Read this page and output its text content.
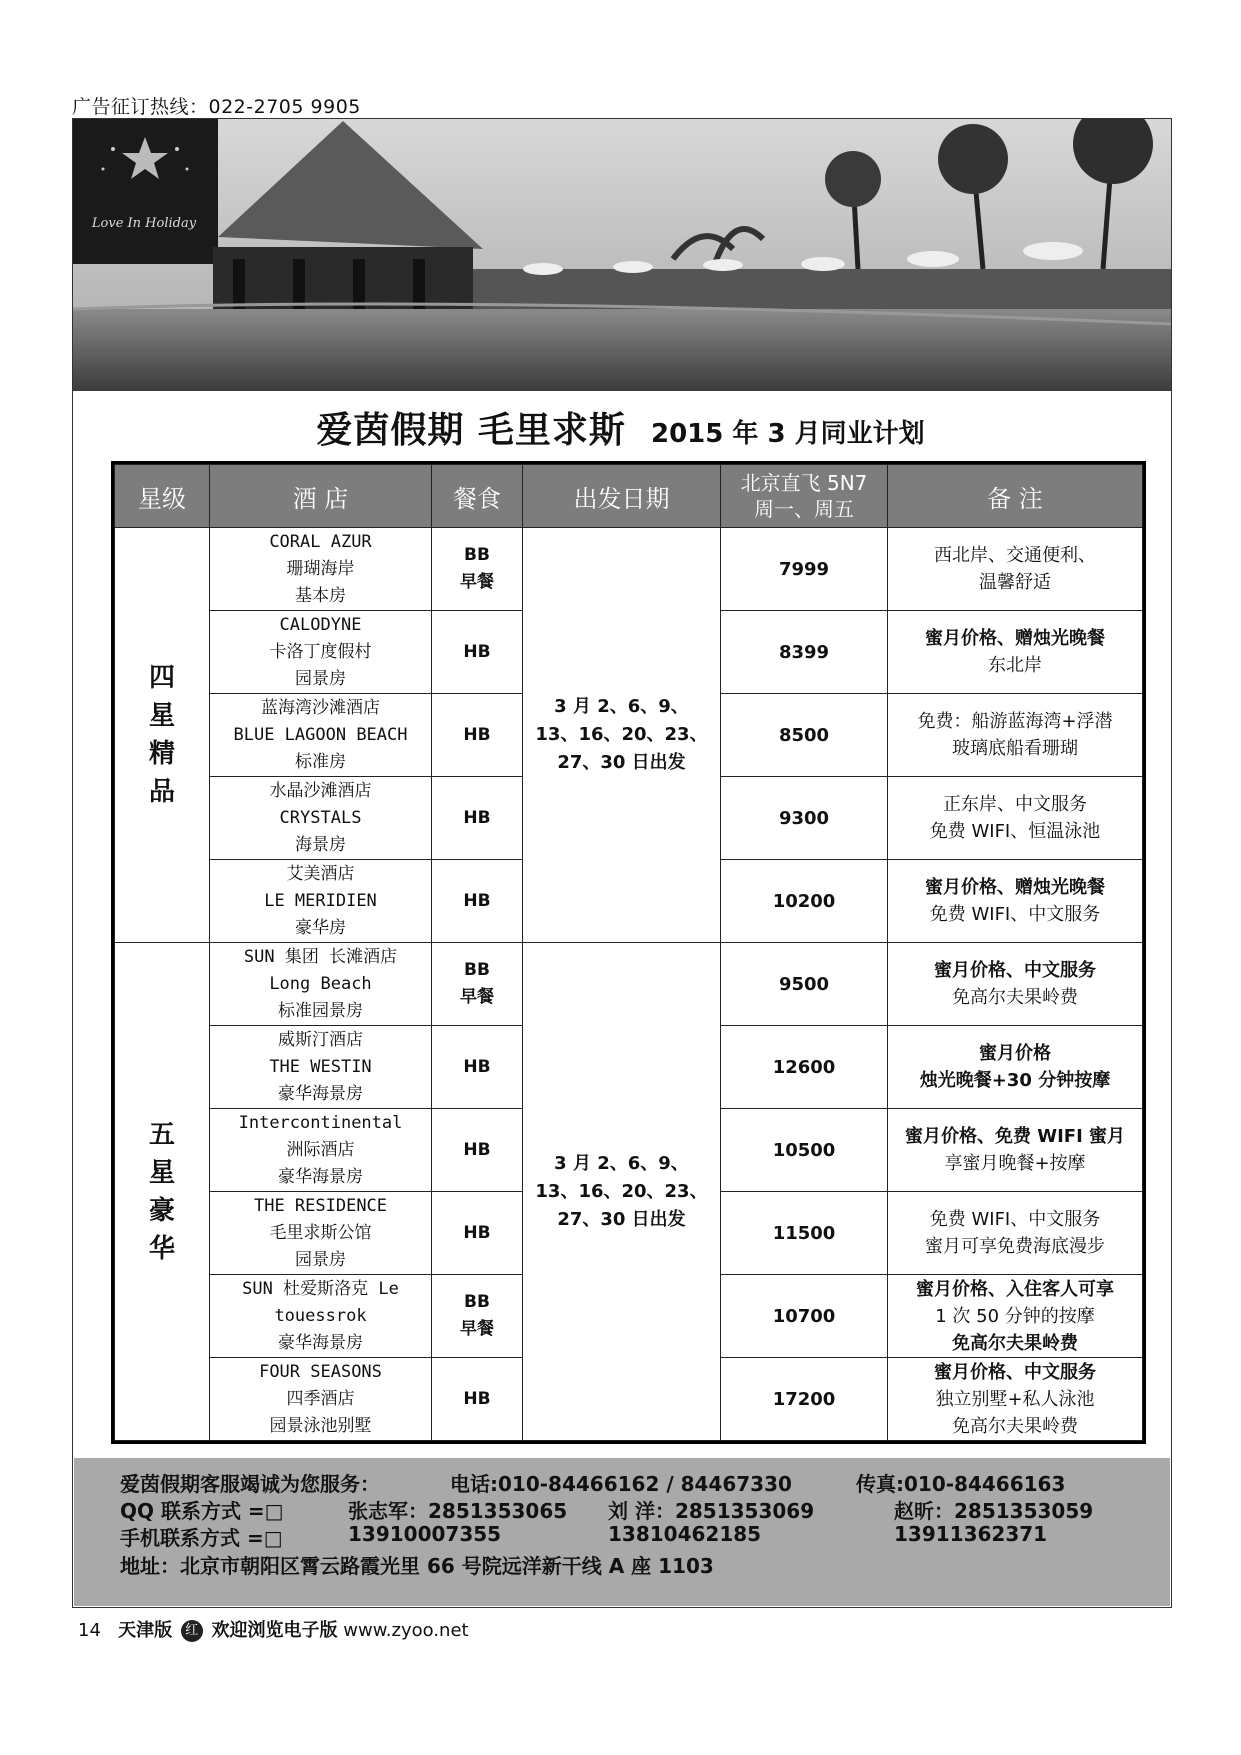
广告征订热线：022-2705 9905
Love In Holiday
爱茵假期 毛里求斯 2015 年 3 月同业计划
星级	酒 店	餐食	出发日期	北京直飞 5N7
周一、周五	备 注

四
星
精
品	CORAL AZUR
珊瑚海岸
基本房	BB
早餐	3 月 2、6、9、13、16、20、23、27、30 日出发	7999	西北岸、交通便利、
温馨舒适

	CALODYNE
卡洛丁度假村
园景房	HB		8399	蜜月价格、赠烛光晚餐
东北岸

	蓝海湾沙滩酒店
BLUE LAGOON BEACH
标准房	HB		8500	免费：船游蓝海湾+浮潜
玻璃底船看珊瑚

	水晶沙滩酒店
CRYSTALS
海景房	HB		9300	正东岸、中文服务
免费 WIFI、恒温泳池

	艾美酒店
LE MERIDIEN
豪华房	HB		10200	蜜月价格、赠烛光晚餐
免费 WIFI、中文服务

五
星
豪
华	SUN 集团 长滩酒店
Long Beach
标准园景房	BB
早餐	3 月 2、6、9、13、16、20、23、27、30 日出发	9500	蜜月价格、中文服务
免高尔夫果岭费

	威斯汀酒店
THE WESTIN
豪华海景房	HB		12600	蜜月价格
烛光晚餐+30 分钟按摩

	Intercontinental
洲际酒店
豪华海景房	HB		10500	蜜月价格、免费 WIFI 蜜月
享蜜月晚餐+按摩

	THE RESIDENCE
毛里求斯公馆
园景房	HB		11500	免费 WIFI、中文服务
蜜月可享免费海底漫步

	SUN 杜爱斯洛克 Le
touessrok
豪华海景房	BB
早餐		10700	蜜月价格、入住客人可享
1 次 50 分钟的按摩
免高尔夫果岭费

	FOUR SEASONS
四季酒店
园景泳池别墅	HB		17200	蜜月价格、中文服务
独立别墅+私人泳池
免高尔夫果岭费
爱茵假期客服竭诚为您服务：	电话:010-84466162 / 84467330	传真:010-84466163
QQ 联系方式 =□	张志军：2851353065 刘 洋：2851353069	赵昕：2851353059
手机联系方式 =□	13910007355	13810462185	13911362371
地址：北京市朝阳区霄云路霞光里 66 号院远洋新干线 A 座 1103
14 天津版 红 欢迎浏览电子版 www.zyoo.net
